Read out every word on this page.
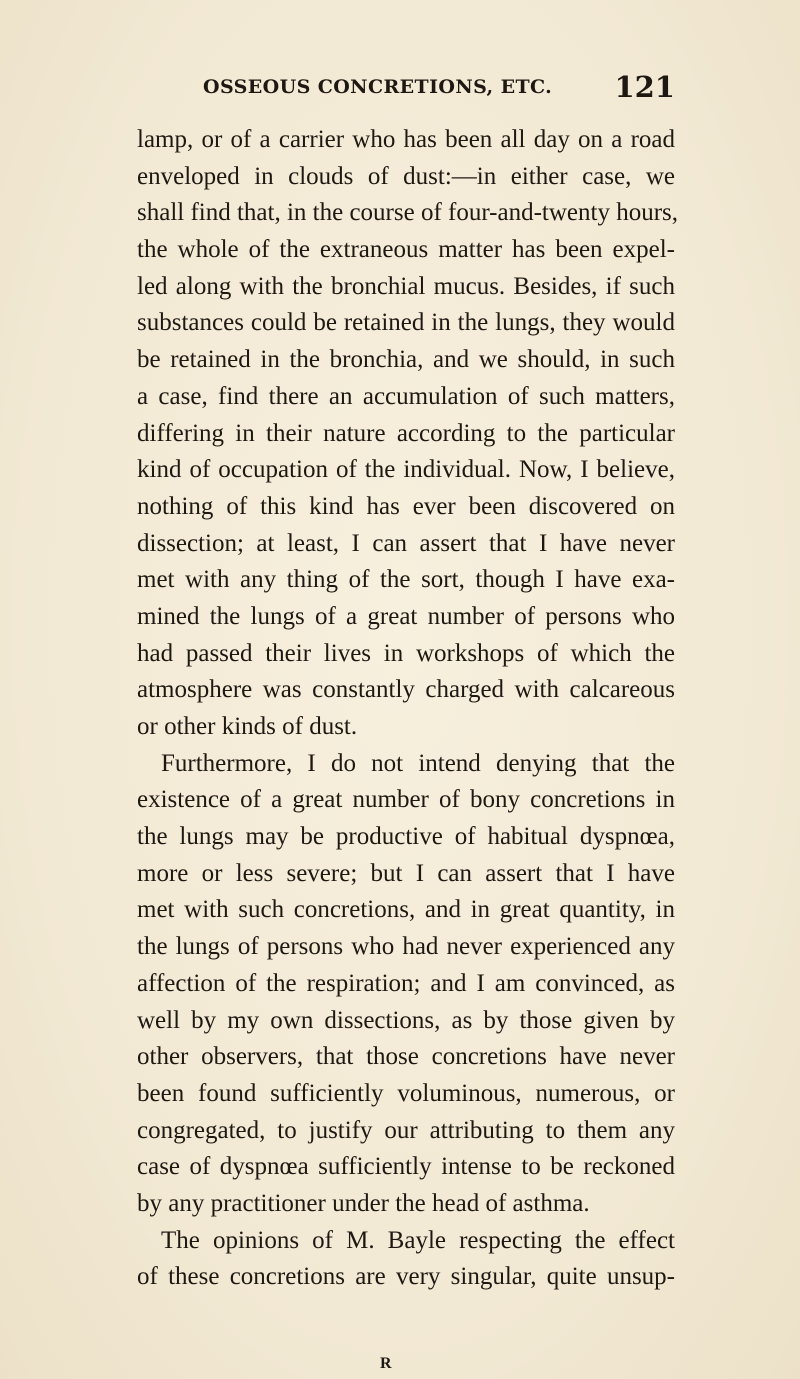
OSSEOUS CONCRETIONS, ETC. 121
lamp, or of a carrier who has been all day on a road
enveloped in clouds of dust:—in either case, we
shall find that, in the course of four-and-twenty hours,
the whole of the extraneous matter has been expel-
led along with the bronchial mucus. Besides, if such
substances could be retained in the lungs, they would
be retained in the bronchia, and we should, in such
a case, find there an accumulation of such matters,
differing in their nature according to the particular
kind of occupation of the individual. Now, I believe,
nothing of this kind has ever been discovered on
dissection; at least, I can assert that I have never
met with any thing of the sort, though I have exa-
mined the lungs of a great number of persons who
had passed their lives in workshops of which the
atmosphere was constantly charged with calcareous
or other kinds of dust.
Furthermore, I do not intend denying that the
existence of a great number of bony concretions in
the lungs may be productive of habitual dyspnœa,
more or less severe; but I can assert that I have
met with such concretions, and in great quantity, in
the lungs of persons who had never experienced any
affection of the respiration; and I am convinced, as
well by my own dissections, as by those given by
other observers, that those concretions have never
been found sufficiently voluminous, numerous, or
congregated, to justify our attributing to them any
case of dyspnœa sufficiently intense to be reckoned
by any practitioner under the head of asthma.
The opinions of M. Bayle respecting the effect
of these concretions are very singular, quite unsup-
R
